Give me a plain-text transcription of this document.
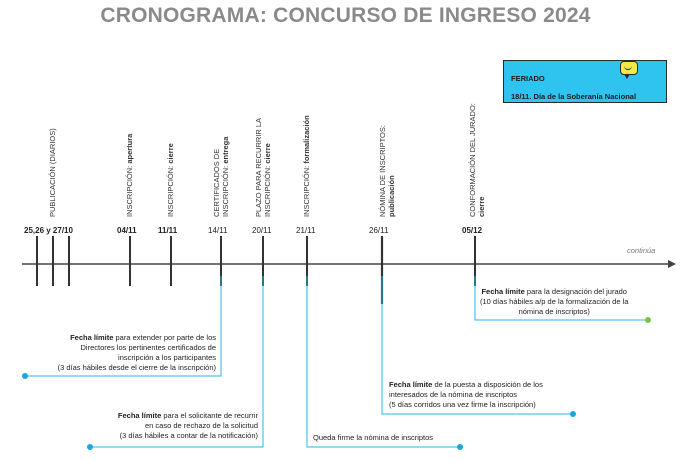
CRONOGRAMA: CONCURSO DE INGRESO 2024
FERIADO
18/11. Día de la Soberanía Nacional
PUBLICACIÓN (DIARIOS)	INSCRIPCIÓN: apertura
INSCRIPCIÓN: cierre	CERTIFICADOS DE INSCRIPCIÓN: entrega	PLAZO PARA RECURRIR LA INSCRIPCIÓN: cierre
INSCRIPCIÓN: formalización	NÓMINA DE INSCRIPTOS: publicación	CONFORMACIÓN DEL JURADO: cierre
25,26 y 27/10	04/11	11/11	14/11	20/11	21/11	26/11	05/12
continúa
Fecha límite para extender por parte de los
Directores los pertinentes certificados de
inscripción a los participantes
(3 días hábiles desde el cierre de la inscripción)
Fecha límite para el solicitante de recurrir
en caso de rechazo de la solicitud
(3 días hábiles a contar de la notificación)	Queda firme la nómina de inscriptos
Fecha límite de la puesta a disposición de los
interesados de la nómina de inscriptos
(5 días corridos una vez firme la inscripción)
Fecha límite para la designación del jurado
(10 días hábiles a/p de la formalización de la
nómina de inscriptos)
